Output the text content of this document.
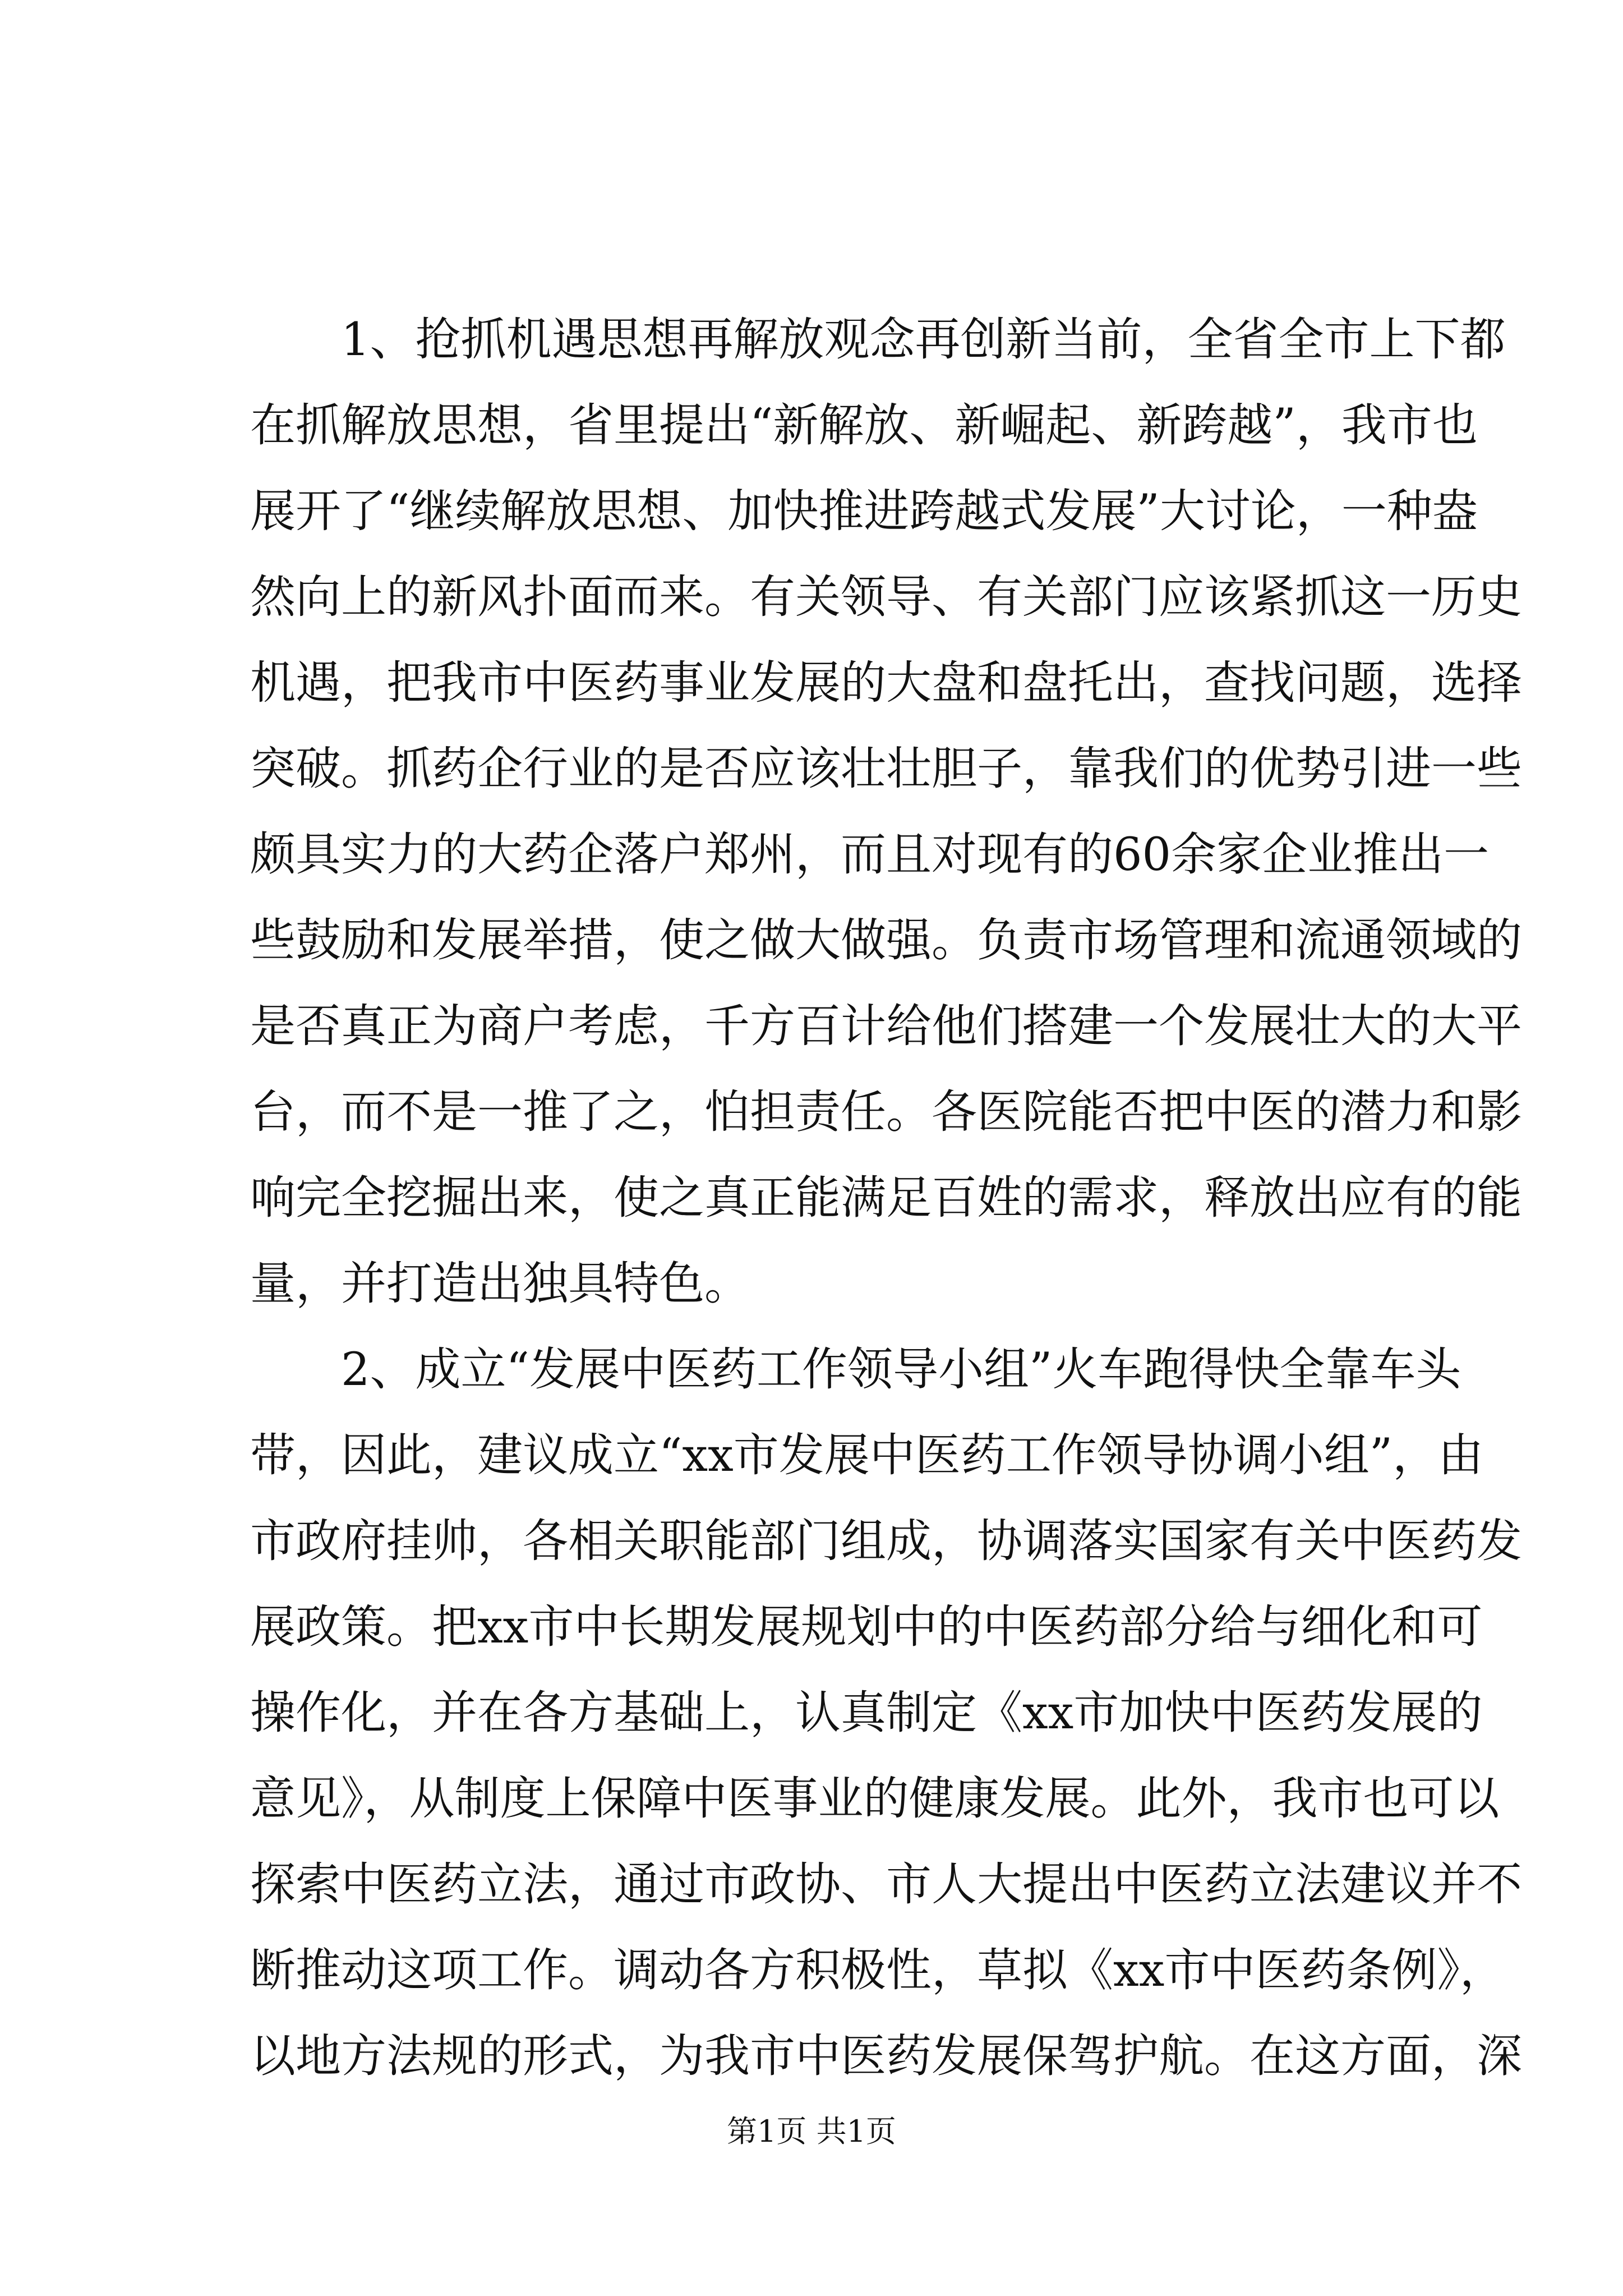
1、抢抓机遇思想再解放观念再创新当前，全省全市上下都
在抓解放思想，省里提出“新解放、新崛起、新跨越”，我市也
展开了“继续解放思想、加快推进跨越式发展”大讨论，一种盎
然向上的新风扑面而来。有关领导、有关部门应该紧抓这一历史
机遇，把我市中医药事业发展的大盘和盘托出，查找问题，选择
突破。抓药企行业的是否应该壮壮胆子，靠我们的优势引进一些
颇具实力的大药企落户郑州，而且对现有的60余家企业推出一
些鼓励和发展举措，使之做大做强。负责市场管理和流通领域的
是否真正为商户考虑，千方百计给他们搭建一个发展壮大的大平
台，而不是一推了之，怕担责任。各医院能否把中医的潜力和影
响完全挖掘出来，使之真正能满足百姓的需求，释放出应有的能
量，并打造出独具特色。
2、成立“发展中医药工作领导小组”火车跑得快全靠车头
带，因此，建议成立“xx市发展中医药工作领导协调小组”，由
市政府挂帅，各相关职能部门组成，协调落实国家有关中医药发
展政策。把xx市中长期发展规划中的中医药部分给与细化和可
操作化，并在各方基础上，认真制定《xx市加快中医药发展的
意见》，从制度上保障中医事业的健康发展。此外，我市也可以
探索中医药立法，通过市政协、市人大提出中医药立法建议并不
断推动这项工作。调动各方积极性，草拟《xx市中医药条例》，
以地方法规的形式，为我市中医药发展保驾护航。在这方面，深
第1页 共1页
